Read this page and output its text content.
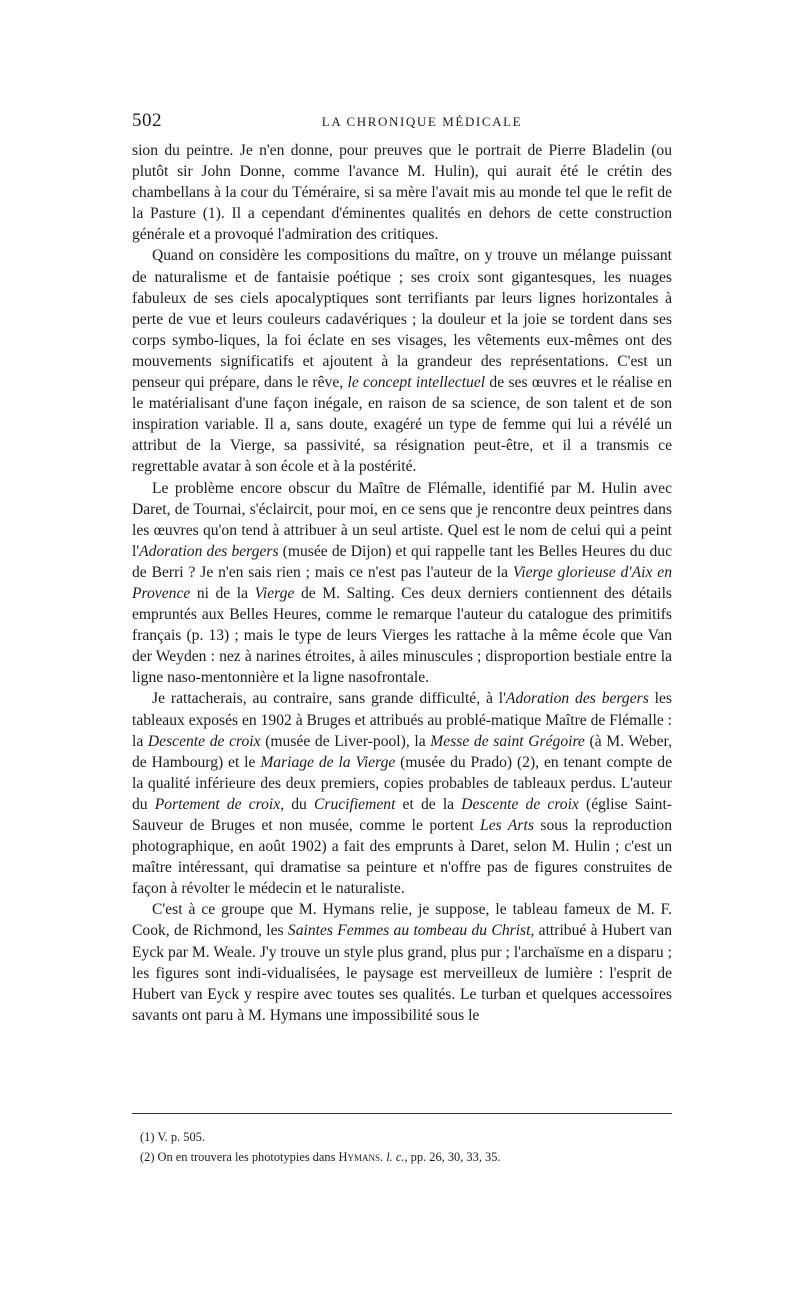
502	LA CHRONIQUE MÉDICALE

sion du peintre. Je n'en donne, pour preuves que le portrait de Pierre Bladelin (ou plutôt sir John Donne, comme l'avance M. Hulin), qui aurait été le crétin des chambellans à la cour du Téméraire, si sa mère l'avait mis au monde tel que le refit de la Pasture (1). Il a cependant d'éminentes qualités en dehors de cette construction générale et a provoqué l'admiration des critiques.

Quand on considère les compositions du maître, on y trouve un mélange puissant de naturalisme et de fantaisie poétique ; ses croix sont gigantesques, les nuages fabuleux de ses ciels apocalyptiques sont terrifiants par leurs lignes horizontales à perte de vue et leurs couleurs cadavériques ; la douleur et la joie se tordent dans ses corps symbo-liques, la foi éclate en ses visages, les vêtements eux-mêmes ont des mouvements significatifs et ajoutent à la grandeur des représentations. C'est un penseur qui prépare, dans le rêve, le concept intellectuel de ses œuvres et le réalise en le matérialisant d'une façon inégale, en raison de sa science, de son talent et de son inspiration variable. Il a, sans doute, exagéré un type de femme qui lui a révélé un attribut de la Vierge, sa passivité, sa résignation peut-être, et il a transmis ce regrettable avatar à son école et à la postérité.

Le problème encore obscur du Maître de Flémalle, identifié par M. Hulin avec Daret, de Tournai, s'éclaircit, pour moi, en ce sens que je rencontre deux peintres dans les œuvres qu'on tend à attribuer à un seul artiste. Quel est le nom de celui qui a peint l'Adoration des bergers (musée de Dijon) et qui rappelle tant les Belles Heures du duc de Berri ? Je n'en sais rien ; mais ce n'est pas l'auteur de la Vierge glorieuse d'Aix en Provence ni de la Vierge de M. Salting. Ces deux derniers contiennent des détails empruntés aux Belles Heures, comme le remarque l'auteur du catalogue des primitifs français (p. 13) ; mais le type de leurs Vierges les rattache à la même école que Van der Weyden : nez à narines étroites, à ailes minuscules ; disproportion bestiale entre la ligne naso-mentonnière et la ligne nasofrontale.

Je rattacherais, au contraire, sans grande difficulté, à l'Adoration des bergers les tableaux exposés en 1902 à Bruges et attribués au problé-matique Maître de Flémalle : la Descente de croix (musée de Liver-pool), la Messe de saint Grégoire (à M. Weber, de Hambourg) et le Mariage de la Vierge (musée du Prado) (2), en tenant compte de la qualité inférieure des deux premiers, copies probables de tableaux perdus. L'auteur du Portement de croix, du Crucifiement et de la Descente de croix (église Saint-Sauveur de Bruges et non musée, comme le portent Les Arts sous la reproduction photographique, en août 1902) a fait des emprunts à Daret, selon M. Hulin ; c'est un maître intéressant, qui dramatise sa peinture et n'offre pas de figures construites de façon à révolter le médecin et le naturaliste.

C'est à ce groupe que M. Hymans relie, je suppose, le tableau fameux de M. F. Cook, de Richmond, les Saintes Femmes au tombeau du Christ, attribué à Hubert van Eyck par M. Weale. J'y trouve un style plus grand, plus pur ; l'archaïsme en a disparu ; les figures sont indi-vidualisées, le paysage est merveilleux de lumière : l'esprit de Hubert van Eyck y respire avec toutes ses qualités. Le turban et quelques accessoires savants ont paru à M. Hymans une impossibilité sous le

(1) V. p. 505.
(2) On en trouvera les phototypies dans Hymans. l. c., pp. 26, 30, 33, 35.
